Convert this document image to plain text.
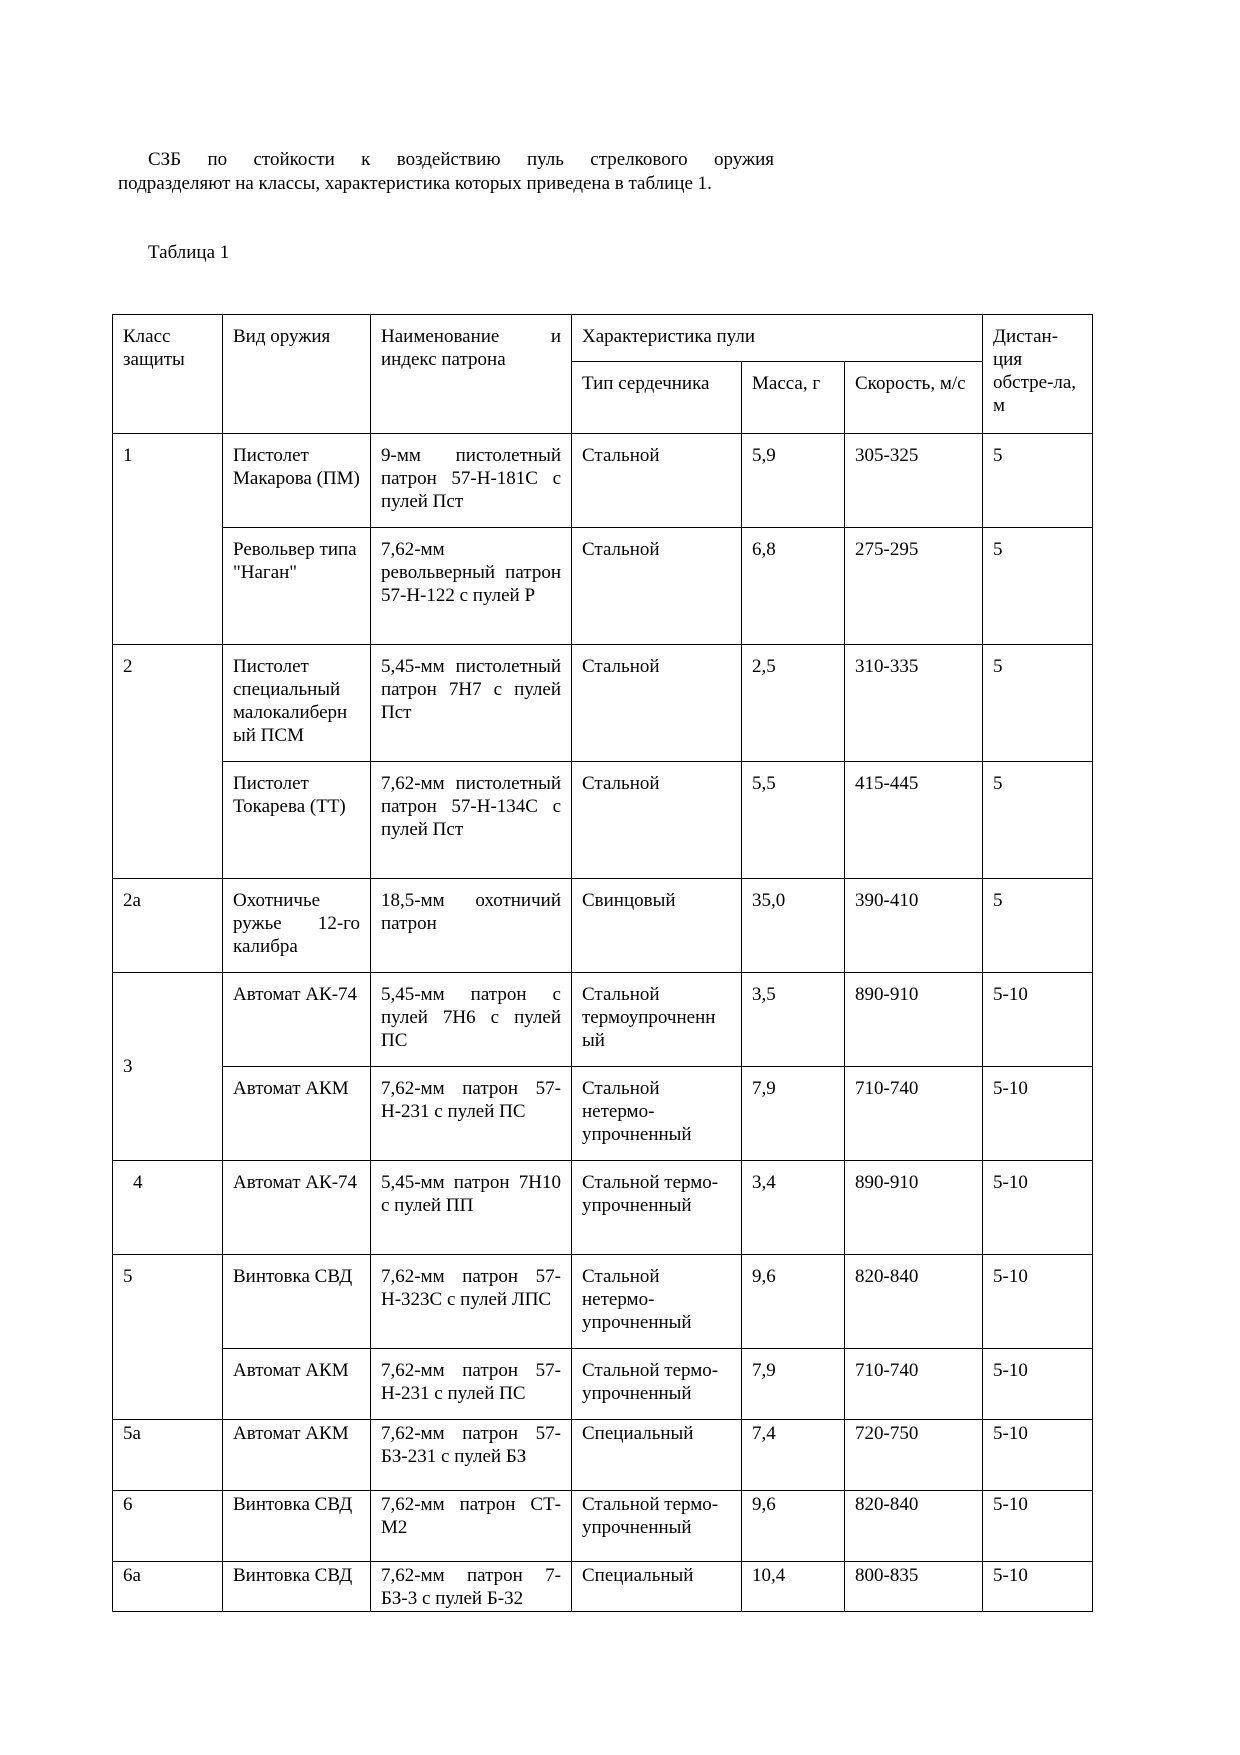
СЗБ по стойкости к воздействию пуль стрелкового оружия
подразделяют на классы, характеристика которых приведена в таблице 1.
Таблица 1
Класс защиты	Вид оружия	Наименование и индекс патрона	Характеристика пули			Дистан-ция обстре-ла, м
			Тип сердечника	Масса, г	Скорость, м/с	
1	Пистолет Макарова (ПМ)	9-мм пистолетный патрон 57-Н-181С с пулей Пст	Стальной	5,9	305-325	5
	Револьвер типа "Наган"	7,62-мм револьверный патрон 57-Н-122 с пулей Р	Стальной	6,8	275-295	5
2	Пистолет специальный малокалиберн ый ПСМ	5,45-мм пистолетный патрон 7Н7 с пулей Пст	Стальной	2,5	310-335	5
	Пистолет Токарева (ТТ)	7,62-мм пистолетный патрон 57-Н-134С с пулей Пст	Стальной	5,5	415-445	5
2а	Охотничье ружье 12-го калибра	18,5-мм охотничий патрон	Свинцовый	35,0	390-410	5
3	Автомат АК-74	5,45-мм патрон с пулей 7Н6 с пулей ПС	Стальной термоупрочненн ый	3,5	890-910	5-10
	Автомат АКМ	7,62-мм патрон 57-Н-231 с пулей ПС	Стальной нетермо-упрочненный	7,9	710-740	5-10
4	Автомат АК-74	5,45-мм патрон 7Н10 с пулей ПП	Стальной термо-упрочненный	3,4	890-910	5-10
5	Винтовка СВД	7,62-мм патрон 57-Н-323С с пулей ЛПС	Стальной нетермо-упрочненный	9,6	820-840	5-10
	Автомат АКМ	7,62-мм патрон 57-Н-231 с пулей ПС	Стальной термо-упрочненный	7,9	710-740	5-10
5а	Автомат АКМ	7,62-мм патрон 57-БЗ-231 с пулей БЗ	Специальный	7,4	720-750	5-10
6	Винтовка СВД	7,62-мм патрон СТ-М2	Стальной термо-упрочненный	9,6	820-840	5-10
6а	Винтовка СВД	7,62-мм патрон 7-БЗ-3 с пулей Б-32	Специальный	10,4	800-835	5-10
